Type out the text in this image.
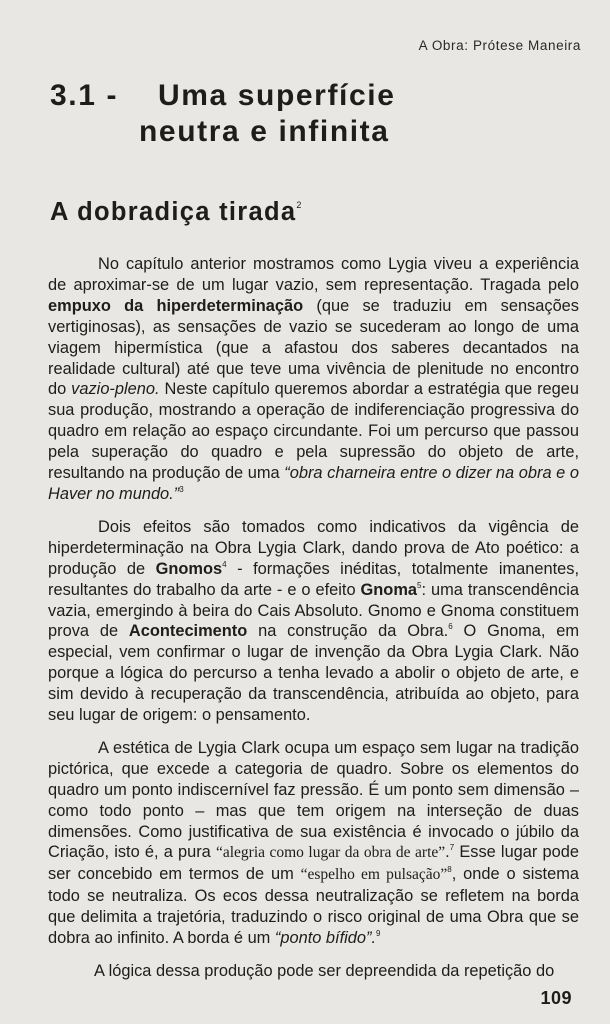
A Obra: Prótese Maneira
3.1 - Uma superfície
neutra e infinita
A dobradiça tirada$^2$

No capítulo anterior mostramos como Lygia viveu a experiência de aproximar-se de um lugar vazio, sem representação. Tragada pelo empuxo da hiperdeterminação (que se traduziu em sensações vertiginosas), as sensações de vazio se sucederam ao longo de uma viagem hipermística (que a afastou dos saberes decantados na realidade cultural) até que teve uma vivência de plenitude no encontro do vazio-pleno. Neste capítulo queremos abordar a estratégia que regeu sua produção, mostrando a operação de indiferenciação progressiva do quadro em relação ao espaço circundante. Foi um percurso que passou pela superação do quadro e pela supressão do objeto de arte, resultando na produção de uma “obra charneira entre o dizer na obra e o Haver no mundo.”$^3$

Dois efeitos são tomados como indicativos da vigência de hiperdeterminação na Obra Lygia Clark, dando prova de Ato poético: a produção de Gnomos$^4$ - formações inéditas, totalmente imanentes, resultantes do trabalho da arte - e o efeito Gnoma$^5$: uma transcendência vazia, emergindo à beira do Cais Absoluto. Gnomo e Gnoma constituem prova de Acontecimento na construção da Obra.$^6$ O Gnoma, em especial, vem confirmar o lugar de invenção da Obra Lygia Clark. Não porque a lógica do percurso a tenha levado a abolir o objeto de arte, e sim devido à recuperação da transcendência, atribuída ao objeto, para seu lugar de origem: o pensamento.

A estética de Lygia Clark ocupa um espaço sem lugar na tradição pictórica, que excede a categoria de quadro. Sobre os elementos do quadro um ponto indiscernível faz pressão. É um ponto sem dimensão – como todo ponto – mas que tem origem na interseção de duas dimensões. Como justificativa de sua existência é invocado o júbilo da Criação, isto é, a pura “alegria como lugar da obra de arte”.$^7$ Esse lugar pode ser concebido em termos de um “espelho em pulsação”$^8$, onde o sistema todo se neutraliza. Os ecos dessa neutralização se refletem na borda que delimita a trajetória, traduzindo o risco original de uma Obra que se dobra ao infinito. A borda é um “ponto bífido”.$^9$

A lógica dessa produção pode ser depreendida da repetição do

109
